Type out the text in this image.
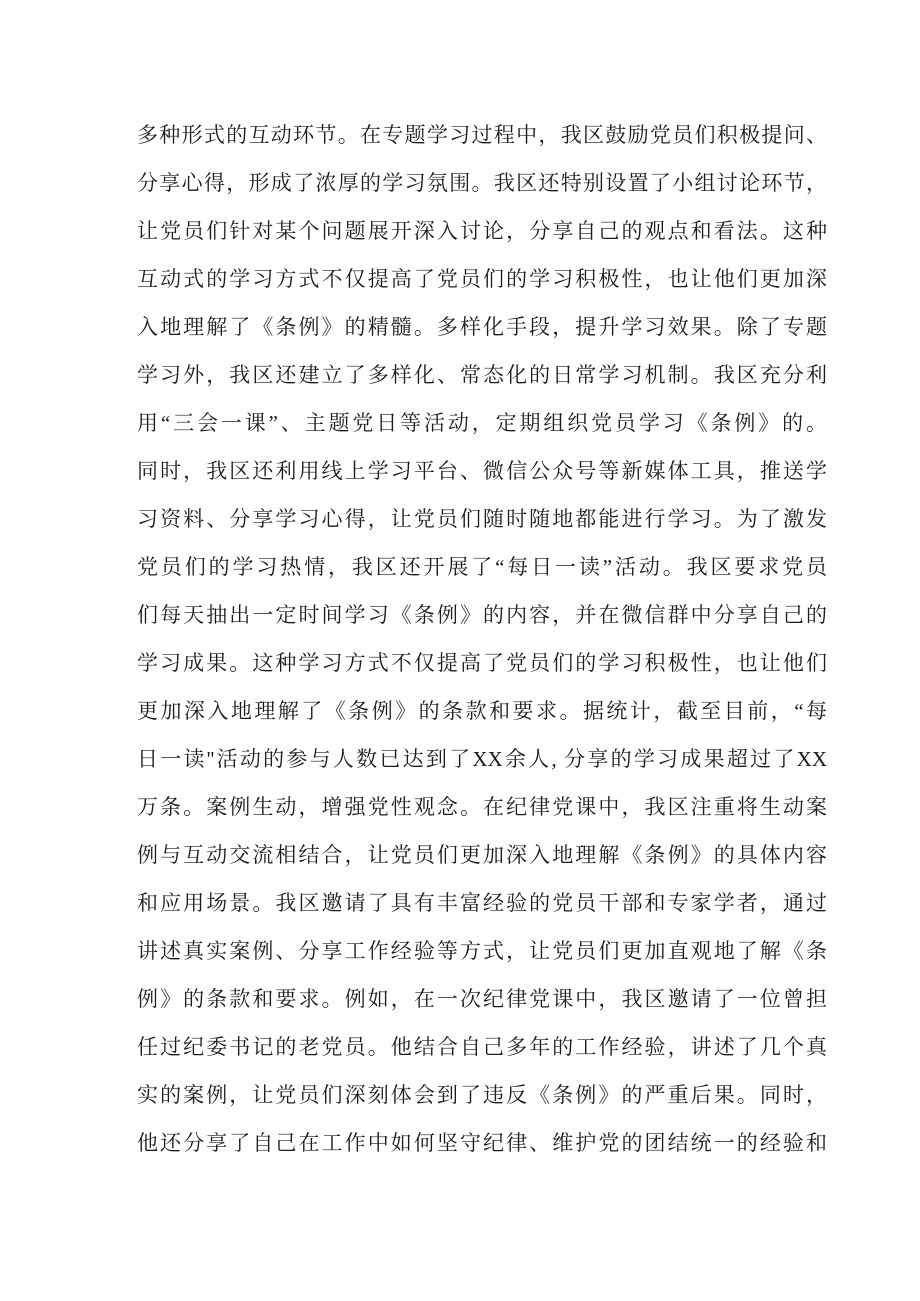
多种形式的互动环节。在专题学习过程中，我区鼓励党员们积极提问、
分享心得，形成了浓厚的学习氛围。我区还特别设置了小组讨论环节，
让党员们针对某个问题展开深入讨论，分享自己的观点和看法。这种
互动式的学习方式不仅提高了党员们的学习积极性，也让他们更加深
入地理解了《条例》的精髓。多样化手段，提升学习效果。除了专题
学习外，我区还建立了多样化、常态化的日常学习机制。我区充分利
用“三会一课”、主题党日等活动，定期组织党员学习《条例》的。
同时，我区还利用线上学习平台、微信公众号等新媒体工具，推送学
习资料、分享学习心得，让党员们随时随地都能进行学习。为了激发
党员们的学习热情，我区还开展了“每日一读”活动。我区要求党员
们每天抽出一定时间学习《条例》的内容，并在微信群中分享自己的
学习成果。这种学习方式不仅提高了党员们的学习积极性，也让他们
更加深入地理解了《条例》的条款和要求。据统计，截至目前，“每
日一读''活动的参与人数已达到了XX余人, 分享的学习成果超过了XX
万条。案例生动，增强党性观念。在纪律党课中，我区注重将生动案
例与互动交流相结合，让党员们更加深入地理解《条例》的具体内容
和应用场景。我区邀请了具有丰富经验的党员干部和专家学者，通过
讲述真实案例、分享工作经验等方式，让党员们更加直观地了解《条
例》的条款和要求。例如，在一次纪律党课中，我区邀请了一位曾担
任过纪委书记的老党员。他结合自己多年的工作经验，讲述了几个真
实的案例，让党员们深刻体会到了违反《条例》的严重后果。同时，
他还分享了自己在工作中如何坚守纪律、维护党的团结统一的经验和
